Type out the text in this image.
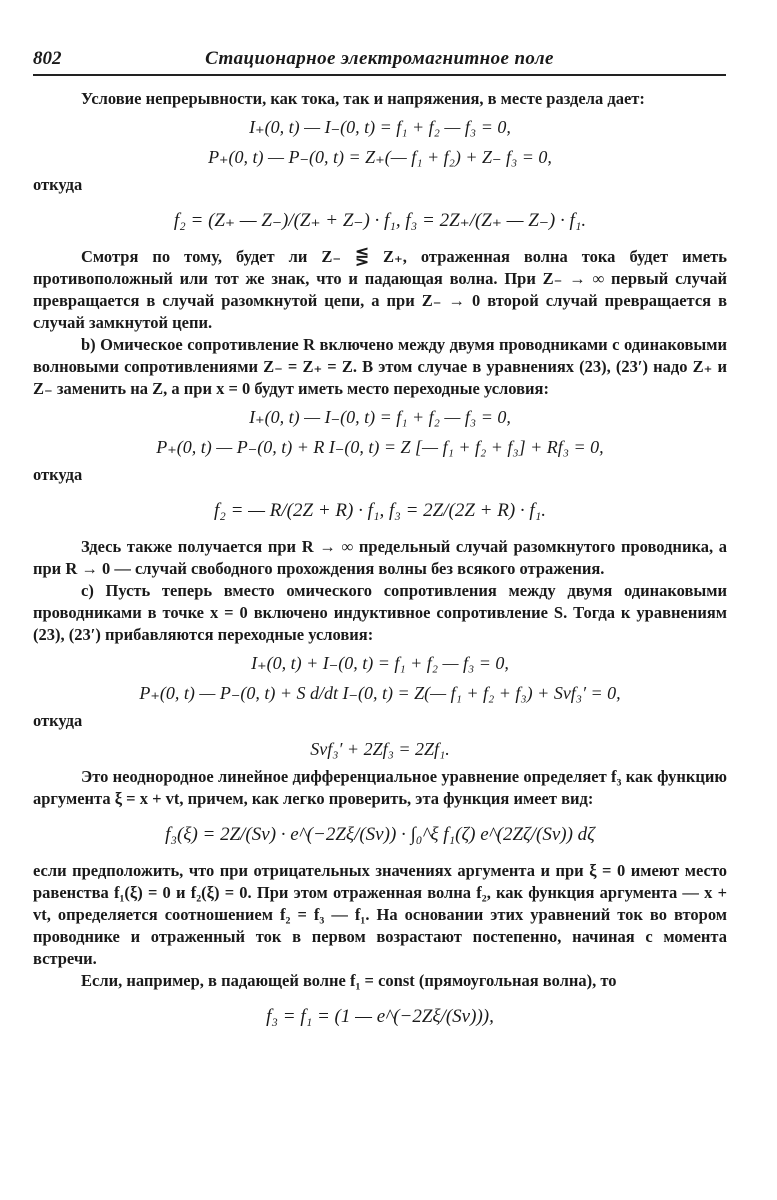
802	Стационарное электромагнитное поле

Условие непрерывности, как тока, так и напряжения, в месте раздела дает:

I₊(0, t) — I₋(0, t) = f₁ + f₂ — f₃ = 0,
P₊(0, t) — P₋(0, t) = Z₊(— f₁ + f₂) + Z₋ f₃ = 0,

откуда

f₂ = (Z₊ — Z₋)/(Z₊ + Z₋) · f₁, f₃ = 2Z₊/(Z₊ — Z₋) · f₁.

Смотря по тому, будет ли Z₋ ⋚ Z₊, отраженная волна тока будет иметь противоположный или тот же знак, что и падающая волна. При Z₋ → ∞ первый случай превращается в случай разомкнутой цепи, а при Z₋ → 0 второй случай превращается в случай замкнутой цепи.

b) Омическое сопротивление R включено между двумя проводниками с одинаковыми волновыми сопротивлениями Z₋ = Z₊ = Z. В этом случае в уравнениях (23), (23′) надо Z₊ и Z₋ заменить на Z, а при x = 0 будут иметь место переходные условия:

I₊(0, t) — I₋(0, t) = f₁ + f₂ — f₃ = 0,
P₊(0, t) — P₋(0, t) + R I₋(0, t) = Z [— f₁ + f₂ + f₃] + Rf₃ = 0,

откуда

f₂ = — R/(2Z + R) · f₁, f₃ = 2Z/(2Z + R) · f₁.

Здесь также получается при R → ∞ предельный случай разомкнутого проводника, а при R → 0 — случай свободного прохождения волны без всякого отражения.

c) Пусть теперь вместо омического сопротивления между двумя одинаковыми проводниками в точке x = 0 включено индуктивное сопротивление S. Тогда к уравнениям (23), (23′) прибавляются переходные условия:

I₊(0, t) + I₋(0, t) = f₁ + f₂ — f₃ = 0,
P₊(0, t) — P₋(0, t) + S d/dt I₋(0, t) = Z(— f₁ + f₂ + f₃) + Svf₃′ = 0,

откуда

Svf₃′ + 2Zf₃ = 2Zf₁.

Это неоднородное линейное дифференциальное уравнение определяет f₃ как функцию аргумента ξ = x + vt, причем, как легко проверить, эта функция имеет вид:

f₃(ξ) = 2Z/(Sv) · e^(−2Zξ/(Sv)) · ∫₀^ξ f₁(ζ) e^(2Zζ/(Sv)) dζ

если предположить, что при отрицательных значениях аргумента и при ξ = 0 имеют место равенства f₁(ξ) = 0 и f₂(ξ) = 0. При этом отраженная волна f₂, как функция аргумента — x + vt, определяется соотношением f₂ = f₃ — f₁. На основании этих уравнений ток во втором проводнике и отраженный ток в первом возрастают постепенно, начиная с момента встречи.

Если, например, в падающей волне f₁ = const (прямоугольная волна), то

f₃ = f₁ = (1 — e^(−2Zξ/(Sv))),
